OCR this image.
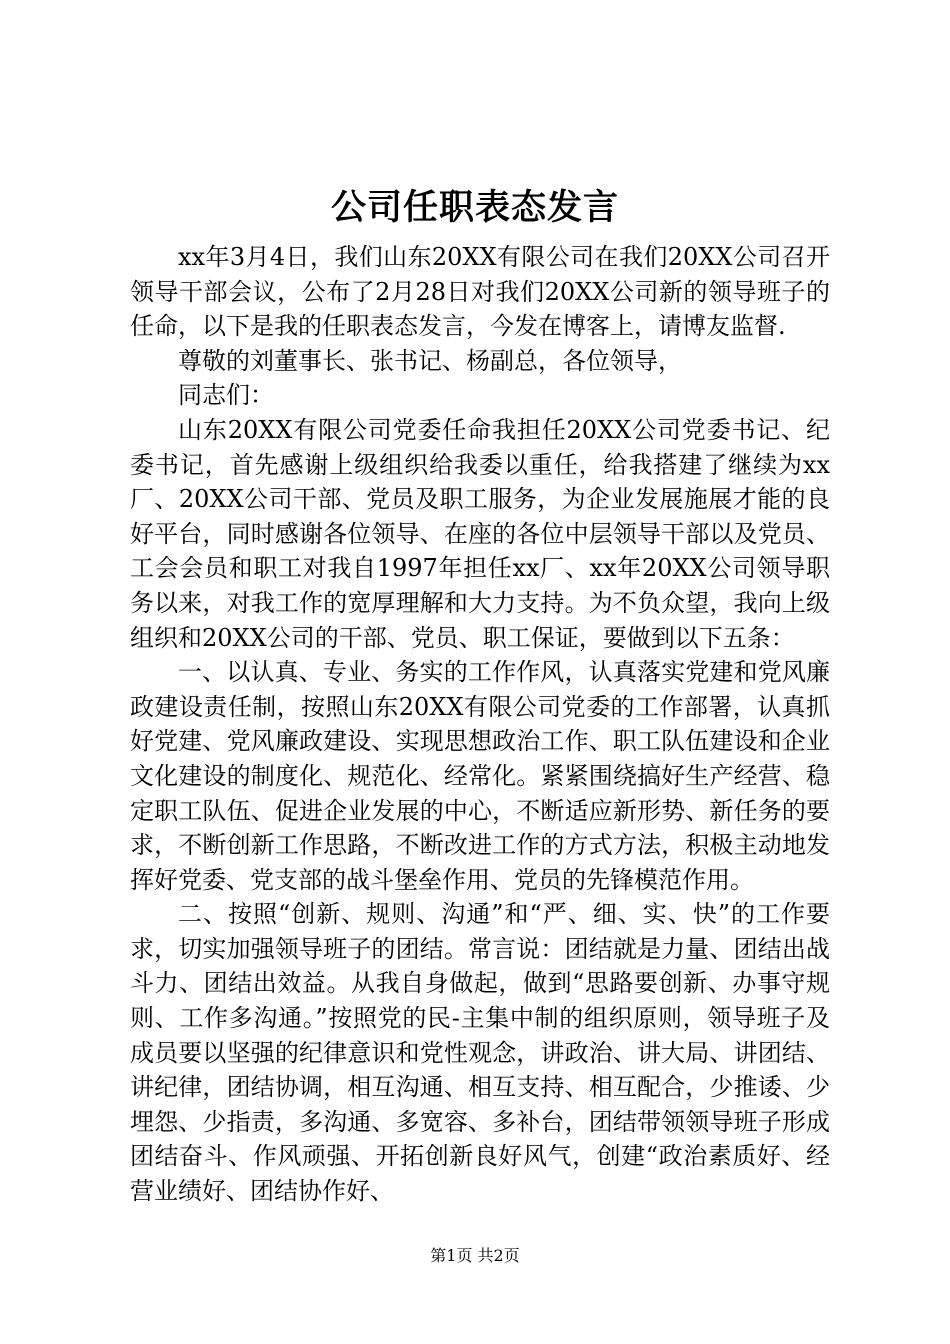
公司任职表态发言

xx年3月4日，我们山东20XX有限公司在我们20XX公司召开领导干部会议，公布了2月28日对我们20XX公司新的领导班子的任命，以下是我的任职表态发言，今发在博客上，请博友监督.

尊敬的刘董事长、张书记、杨副总，各位领导，

同志们：

山东20XX有限公司党委任命我担任20XX公司党委书记、纪委书记，首先感谢上级组织给我委以重任，给我搭建了继续为xx厂、20XX公司干部、党员及职工服务，为企业发展施展才能的良好平台，同时感谢各位领导、在座的各位中层领导干部以及党员、工会会员和职工对我自1997年担任xx厂、xx年20XX公司领导职务以来，对我工作的宽厚理解和大力支持。为不负众望，我向上级组织和20XX公司的干部、党员、职工保证，要做到以下五条：

一、以认真、专业、务实的工作作风，认真落实党建和党风廉政建设责任制，按照山东20XX有限公司党委的工作部署，认真抓好党建、党风廉政建设、实现思想政治工作、职工队伍建设和企业文化建设的制度化、规范化、经常化。紧紧围绕搞好生产经营、稳定职工队伍、促进企业发展的中心，不断适应新形势、新任务的要求，不断创新工作思路，不断改进工作的方式方法，积极主动地发挥好党委、党支部的战斗堡垒作用、党员的先锋模范作用。

二、按照“创新、规则、沟通”和“严、细、实、快”的工作要求，切实加强领导班子的团结。常言说：团结就是力量、团结出战斗力、团结出效益。从我自身做起，做到“思路要创新、办事守规则、工作多沟通。”按照党的民-主集中制的组织原则，领导班子及成员要以坚强的纪律意识和党性观念，讲政治、讲大局、讲团结、讲纪律，团结协调，相互沟通、相互支持、相互配合，少推诿、少埋怨、少指责，多沟通、多宽容、多补台，团结带领领导班子形成团结奋斗、作风顽强、开拓创新良好风气，创建“政治素质好、经营业绩好、团结协作好、

第1页 共2页
